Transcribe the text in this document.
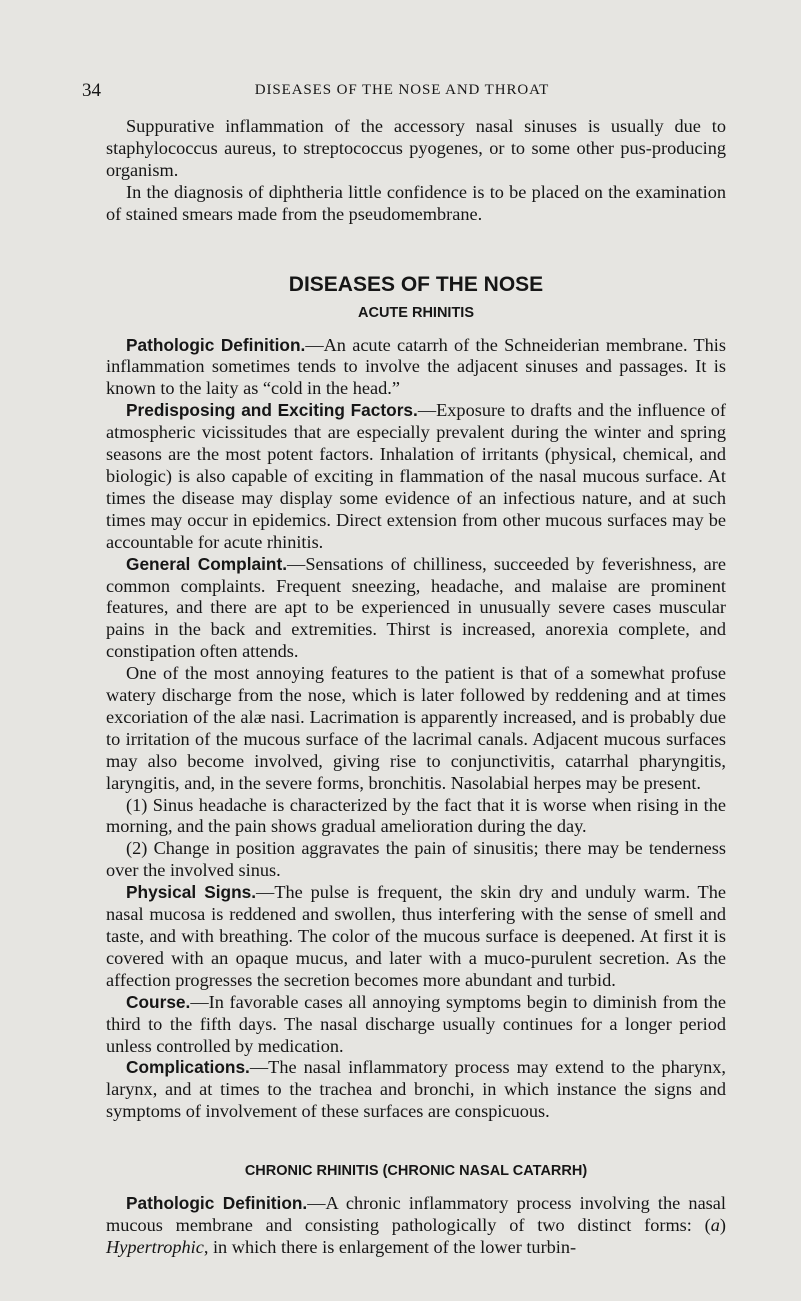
34	DISEASES OF THE NOSE AND THROAT

Suppurative inflammation of the accessory nasal sinuses is usually due to staphylococcus aureus, to streptococcus pyogenes, or to some other pus-producing organism.

In the diagnosis of diphtheria little confidence is to be placed on the examination of stained smears made from the pseudomembrane.

DISEASES OF THE NOSE
ACUTE RHINITIS

Pathologic Definition.—An acute catarrh of the Schneiderian membrane. This inflammation sometimes tends to involve the adjacent sinuses and passages. It is known to the laity as “cold in the head.”

Predisposing and Exciting Factors.—Exposure to drafts and the influence of atmospheric vicissitudes that are especially prevalent during the winter and spring seasons are the most potent factors. Inhalation of irritants (physical, chemical, and biologic) is also capable of exciting in flammation of the nasal mucous surface. At times the disease may display some evidence of an infectious nature, and at such times may occur in epidemics. Direct extension from other mucous surfaces may be accountable for acute rhinitis.

General Complaint.—Sensations of chilliness, succeeded by feverishness, are common complaints. Frequent sneezing, headache, and malaise are prominent features, and there are apt to be experienced in unusually severe cases muscular pains in the back and extremities. Thirst is increased, anorexia complete, and constipation often attends.

One of the most annoying features to the patient is that of a somewhat profuse watery discharge from the nose, which is later followed by reddening and at times excoriation of the alæ nasi. Lacrimation is apparently increased, and is probably due to irritation of the mucous surface of the lacrimal canals. Adjacent mucous surfaces may also become involved, giving rise to conjunctivitis, catarrhal pharyngitis, laryngitis, and, in the severe forms, bronchitis. Nasolabial herpes may be present.

(1) Sinus headache is characterized by the fact that it is worse when rising in the morning, and the pain shows gradual amelioration during the day.

(2) Change in position aggravates the pain of sinusitis; there may be tenderness over the involved sinus.

Physical Signs.—The pulse is frequent, the skin dry and unduly warm. The nasal mucosa is reddened and swollen, thus interfering with the sense of smell and taste, and with breathing. The color of the mucous surface is deepened. At first it is covered with an opaque mucus, and later with a muco-purulent secretion. As the affection progresses the secretion becomes more abundant and turbid.

Course.—In favorable cases all annoying symptoms begin to diminish from the third to the fifth days. The nasal discharge usually continues for a longer period unless controlled by medication.

Complications.—The nasal inflammatory process may extend to the pharynx, larynx, and at times to the trachea and bronchi, in which instance the signs and symptoms of involvement of these surfaces are conspicuous.

CHRONIC RHINITIS (CHRONIC NASAL CATARRH)

Pathologic Definition.—A chronic inflammatory process involving the nasal mucous membrane and consisting pathologically of two distinct forms: (a) Hypertrophic, in which there is enlargement of the lower turbin-
